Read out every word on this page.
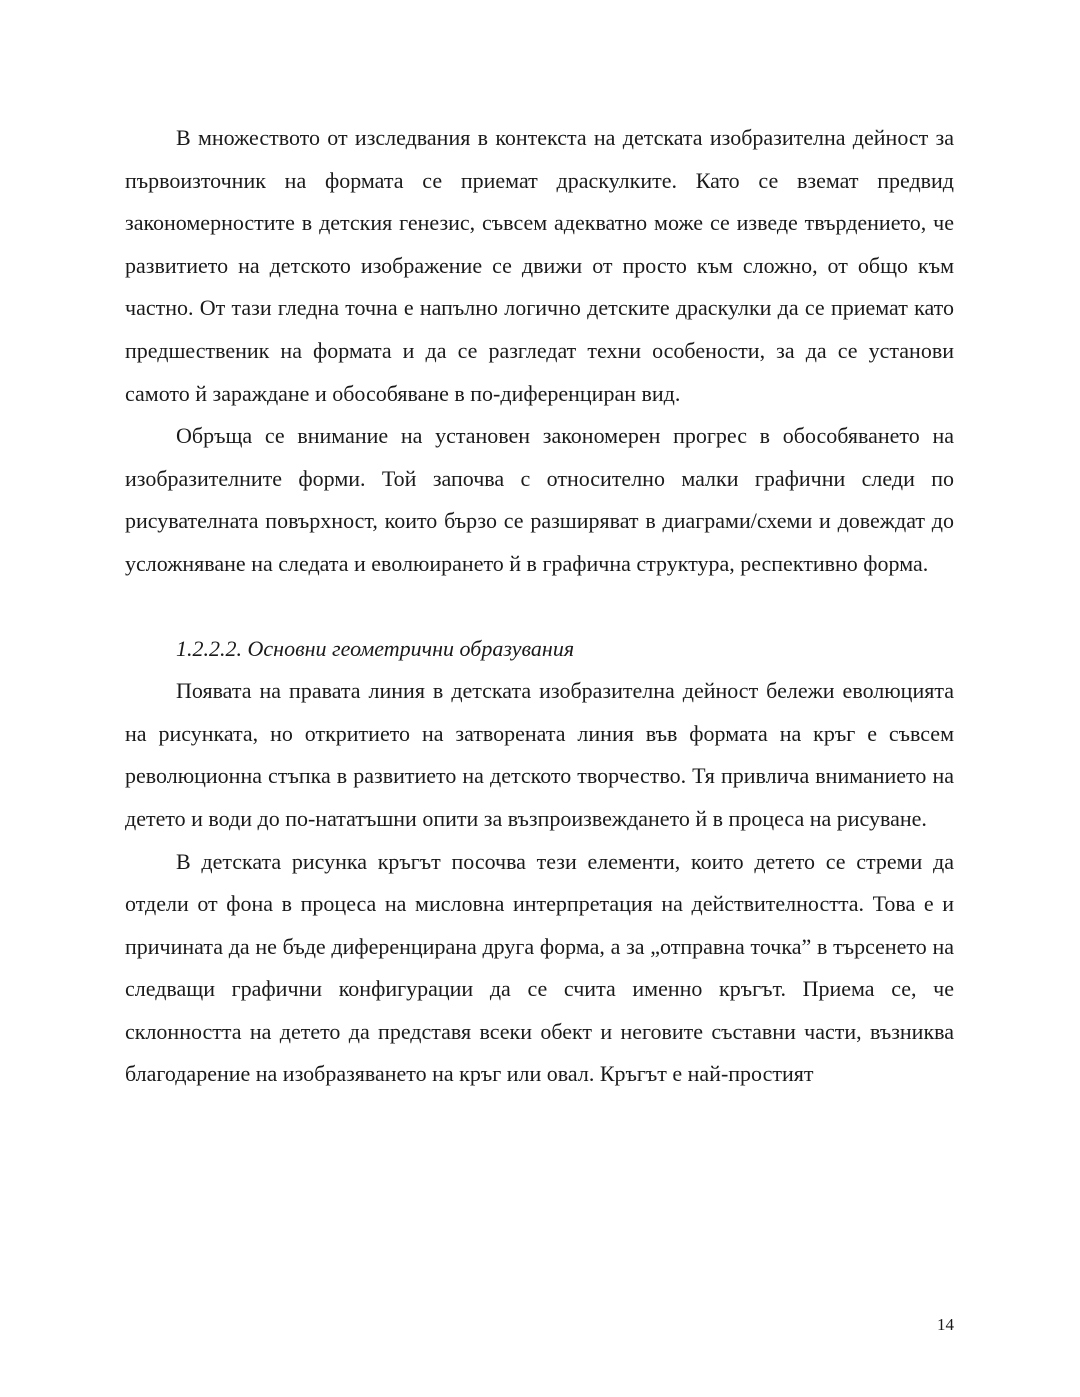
В множеството от изследвания в контекста на детската изобразителна дейност за първоизточник на формата се приемат драскулките. Като се вземат предвид закономерностите в детския генезис, съвсем адекватно може се изведе твърдението, че развитието на детското изображение се движи от просто към сложно, от общо към частно. От тази гледна точна е напълно логично детските драскулки да се приемат като предшественик на формата и да се разгледат техни особености, за да се установи самото й зараждане и обособяване в по-диференциран вид.

Обръща се внимание на установен закономерен прогрес в обособяването на изобразителните форми. Той започва с относително малки графични следи по рисувателната повърхност, които бързо се разширяват в диаграми/схеми и довеждат до усложняване на следата и еволюирането й в графична структура, респективно форма.

1.2.2.2. Основни геометрични образувания

Появата на правата линия в детската изобразителна дейност бележи еволюцията на рисунката, но откритието на затворената линия във формата на кръг е съвсем революционна стъпка в развитието на детското творчество. Тя привлича вниманието на детето и води до по-нататъшни опити за възпроизвеждането й в процеса на рисуване.

В детската рисунка кръгът посочва тези елементи, които детето се стреми да отдели от фона в процеса на мисловна интерпретация на действителността. Това е и причината да не бъде диференцирана друга форма, а за „отправна точка” в търсенето на следващи графични конфигурации да се счита именно кръгът. Приема се, че склонността на детето да представя всеки обект и неговите съставни части, възниква благодарение на изобразяването на кръг или овал. Кръгът е най-простият

14
